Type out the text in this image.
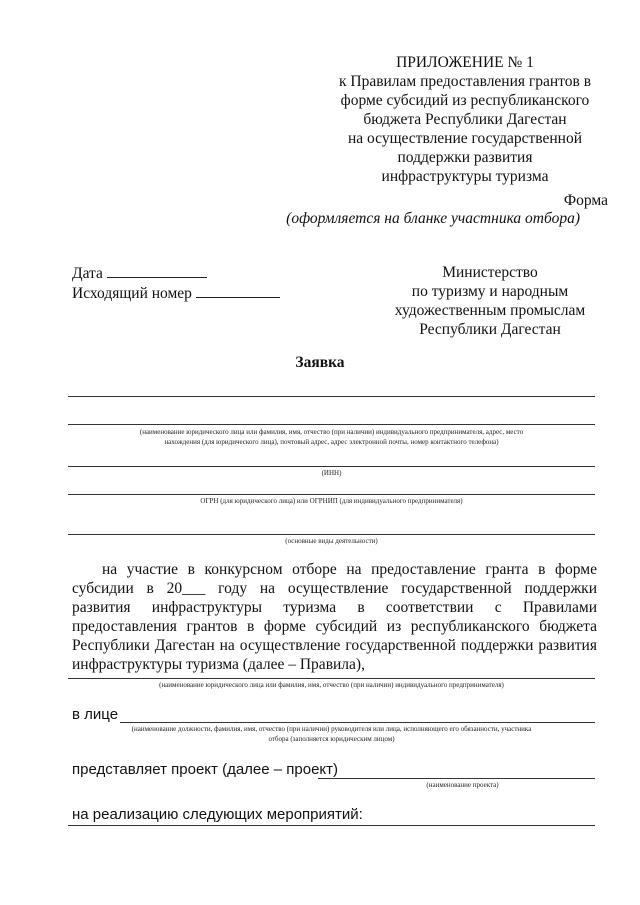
ПРИЛОЖЕНИЕ № 1
к Правилам предоставления грантов в
форме субсидий из республиканского
бюджета Республики Дагестан
на осуществление государственной
поддержки развития
инфраструктуры туризма
Форма
(оформляется на бланке участника отбора)
Дата
Исходящий номер
Министерство
по туризму и народным
художественным промыслам
Республики Дагестан
Заявка
(наименование юридического лица или фамилия, имя, отчество (при наличии) индивидуального предпринимателя, адрес, место
нахождения (для юридического лица), почтовый адрес, адрес электронной почты, номер контактного телефона)
(ИНН)
ОГРН (для юридического лица) или ОГРНИП (для индивидуального предпринимателя)
(основные виды деятельности)
на участие в конкурсном отборе на предоставление гранта в форме субсидии в 20___ году на осуществление государственной поддержки развития инфраструктуры туризма в соответствии с Правилами предоставления грантов в форме субсидий из республиканского бюджета Республики Дагестан на осуществление государственной поддержки развития инфраструктуры туризма (далее – Правила),
(наименование юридического лица или фамилия, имя, отчество (при наличии) индивидуального предпринимателя)
в лице
(наименование должности, фамилия, имя, отчество (при наличии) руководителя или лица, исполняющего его обязанности, участника
отбора (заполняется юридическим лицом)
представляет проект (далее – проект)
(наименование проекта)
на реализацию следующих мероприятий:
